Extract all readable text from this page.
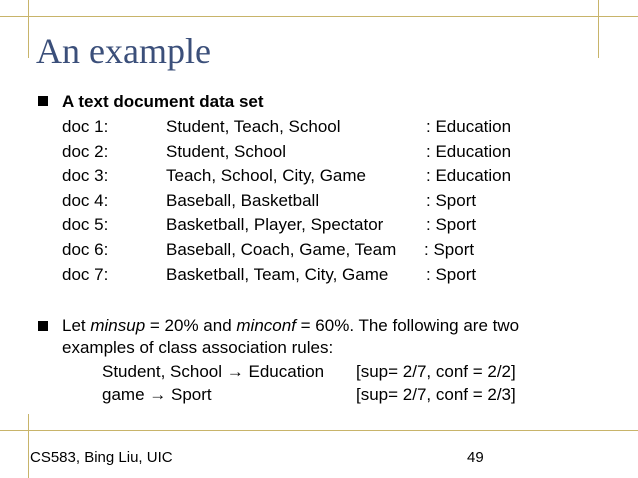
An example
A text document data set
doc 1:	Student, Teach, School	: Education
doc 2:	Student, School	: Education
doc 3:	Teach, School, City, Game	: Education
doc 4:	Baseball, Basketball	: Sport
doc 5:	Basketball, Player, Spectator	: Sport
doc 6:	Baseball, Coach, Game, Team : Sport
doc 7:	Basketball, Team, City, Game : Sport
Let minsup = 20% and minconf = 60%. The following are two
examples of class association rules:
Student, School → Education [sup= 2/7, conf = 2/2]
game → Sport	[sup= 2/7, conf = 2/3]
CS583, Bing Liu, UIC	49
